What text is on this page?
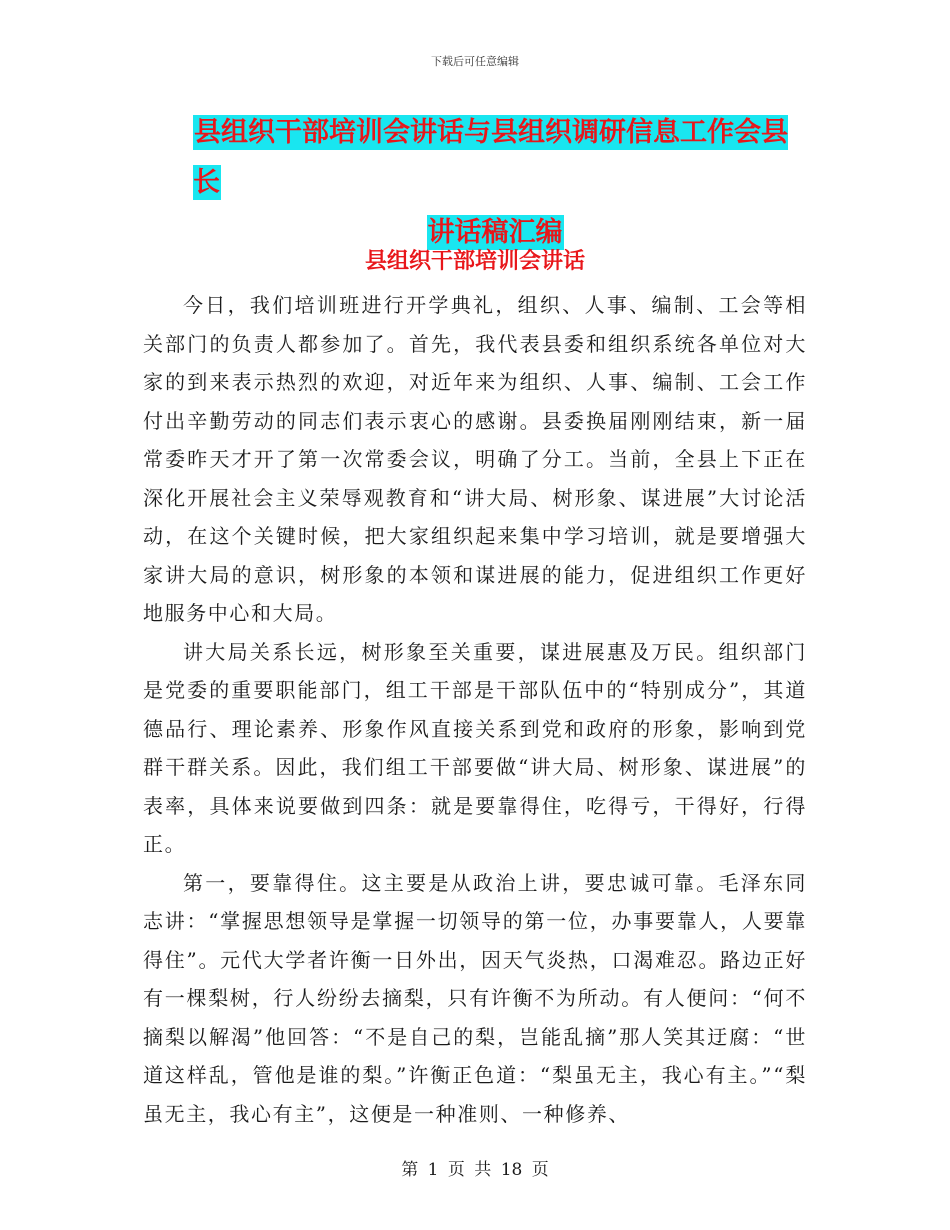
下载后可任意编辑
县组织干部培训会讲话与县组织调研信息工作会县长
讲话稿汇编
县组织干部培训会讲话

今日，我们培训班进行开学典礼，组织、人事、编制、工会等相关部门的负责人都参加了。首先，我代表县委和组织系统各单位对大家的到来表示热烈的欢迎，对近年来为组织、人事、编制、工会工作付出辛勤劳动的同志们表示衷心的感谢。县委换届刚刚结束，新一届常委昨天才开了第一次常委会议，明确了分工。当前，全县上下正在深化开展社会主义荣辱观教育和“讲大局、树形象、谋进展”大讨论活动，在这个关键时候，把大家组织起来集中学习培训，就是要增强大家讲大局的意识，树形象的本领和谋进展的能力，促进组织工作更好地服务中心和大局。

讲大局关系长远，树形象至关重要，谋进展惠及万民。组织部门是党委的重要职能部门，组工干部是干部队伍中的“特别成分”，其道德品行、理论素养、形象作风直接关系到党和政府的形象，影响到党群干群关系。因此，我们组工干部要做“讲大局、树形象、谋进展”的表率，具体来说要做到四条：就是要靠得住，吃得亏，干得好，行得正。

第一，要靠得住。这主要是从政治上讲，要忠诚可靠。毛泽东同志讲：“掌握思想领导是掌握一切领导的第一位，办事要靠人，人要靠得住”。元代大学者许衡一日外出，因天气炎热，口渴难忍。路边正好有一棵梨树，行人纷纷去摘梨，只有许衡不为所动。有人便问：“何不摘梨以解渴”他回答：“不是自己的梨，岂能乱摘”那人笑其迂腐：“世道这样乱，管他是谁的梨。”许衡正色道：“梨虽无主，我心有主。”“梨虽无主，我心有主”，这便是一种准则、一种修养、

第 1 页 共 18 页
